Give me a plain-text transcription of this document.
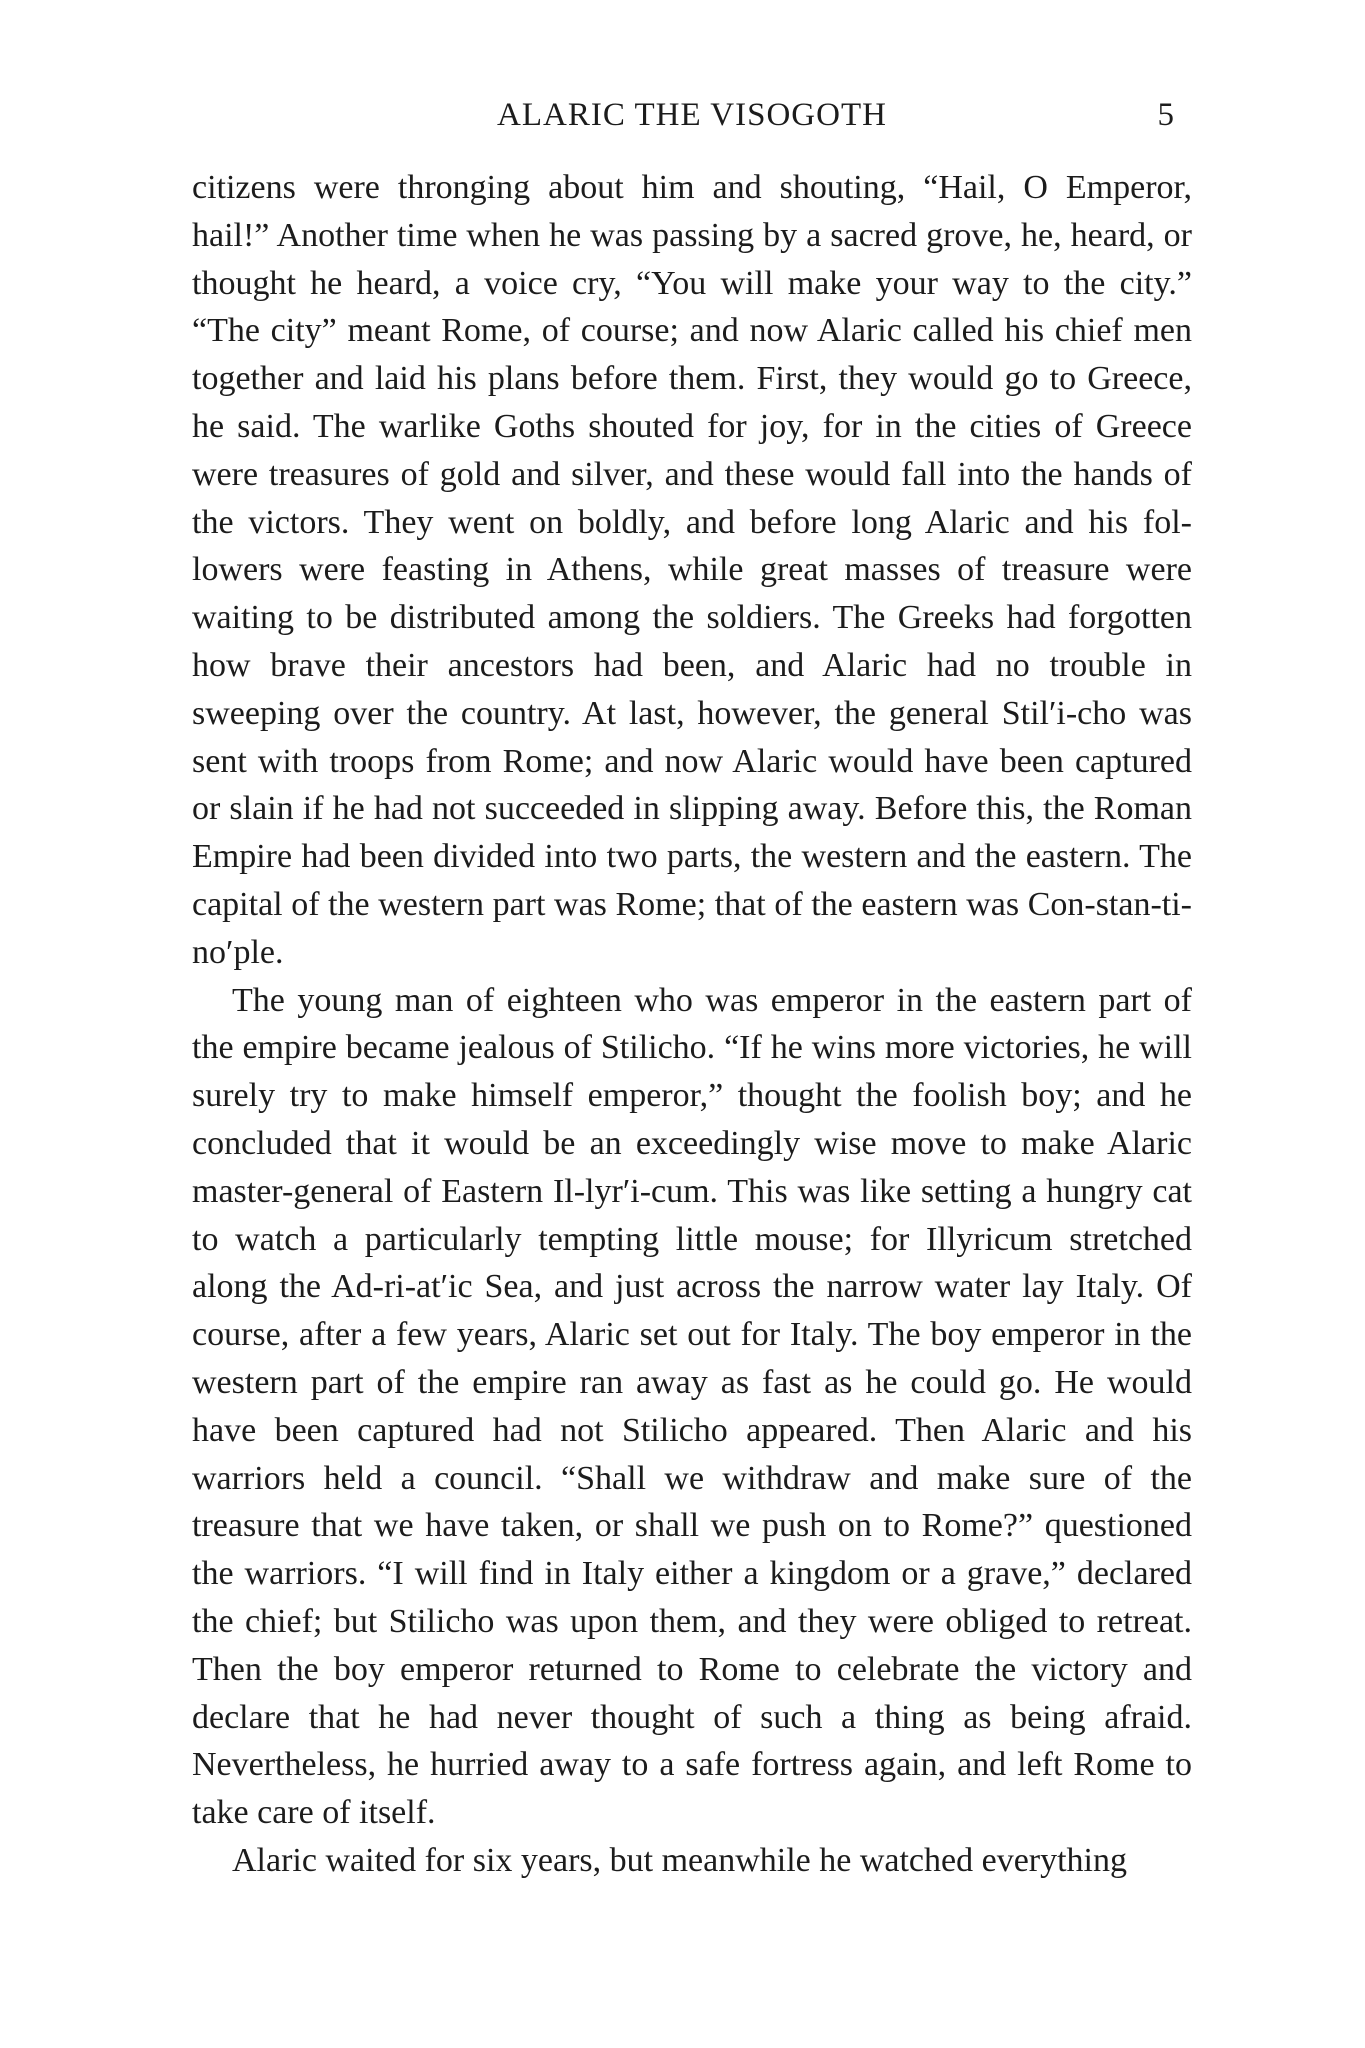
ALARIC THE VISOGOTH	5

citizens were thronging about him and shouting, “Hail, O Emperor, hail!” Another time when he was passing by a sacred grove, he, heard, or thought he heard, a voice cry, “You will make your way to the city.” “The city” meant Rome, of course; and now Alaric called his chief men together and laid his plans before them. First, they would go to Greece, he said. The warlike Goths shouted for joy, for in the cities of Greece were treasures of gold and silver, and these would fall into the hands of the victors. They went on boldly, and before long Alaric and his followers were feasting in Athens, while great masses of treasure were waiting to be distributed among the soldiers. The Greeks had forgotten how brave their ancestors had been, and Alaric had no trouble in sweeping over the country. At last, however, the general Stil′i-cho was sent with troops from Rome; and now Alaric would have been captured or slain if he had not succeeded in slipping away. Before this, the Roman Empire had been divided into two parts, the western and the eastern. The capital of the western part was Rome; that of the eastern was Con-stan-ti-no′ple.

The young man of eighteen who was emperor in the eastern part of the empire became jealous of Stilicho. “If he wins more victories, he will surely try to make himself emperor,” thought the foolish boy; and he concluded that it would be an exceedingly wise move to make Alaric master-general of Eastern Il-lyr′i-cum. This was like setting a hungry cat to watch a particularly tempting little mouse; for Illyricum stretched along the Ad-ri-at′ic Sea, and just across the narrow water lay Italy. Of course, after a few years, Alaric set out for Italy. The boy emperor in the western part of the empire ran away as fast as he could go. He would have been captured had not Stilicho appeared. Then Alaric and his warriors held a council. “Shall we withdraw and make sure of the treasure that we have taken, or shall we push on to Rome?” questioned the warriors. “I will find in Italy either a kingdom or a grave,” declared the chief; but Stilicho was upon them, and they were obliged to retreat. Then the boy emperor returned to Rome to celebrate the victory and declare that he had never thought of such a thing as being afraid. Nevertheless, he hurried away to a safe fortress again, and left Rome to take care of itself.

Alaric waited for six years, but meanwhile he watched everything
